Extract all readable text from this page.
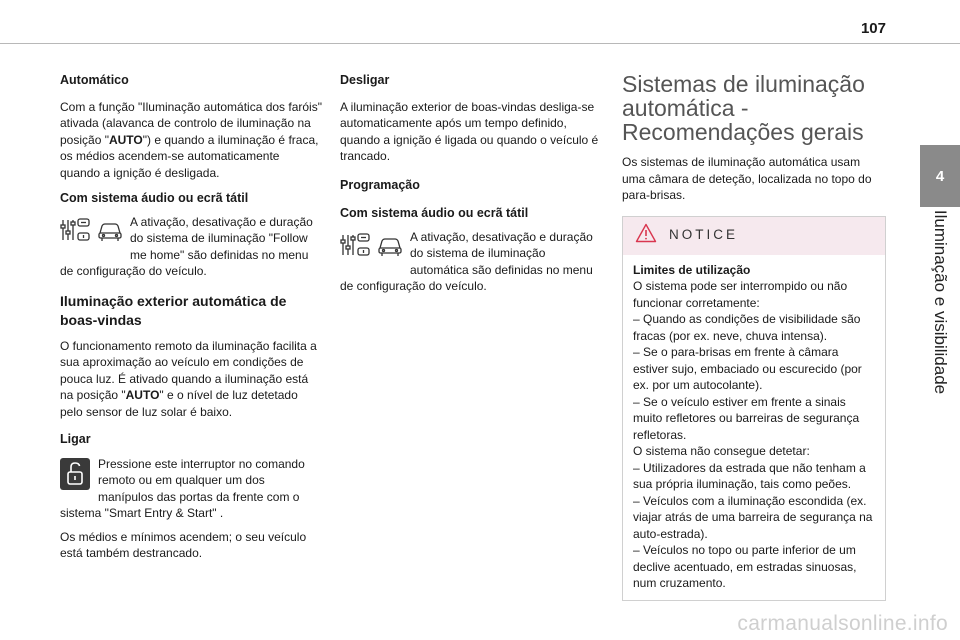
107
4
Iluminação e visibilidade
Automático

Com a função "Iluminação automática dos faróis" ativada (alavanca de controlo de iluminação na posição "AUTO") e quando a iluminação é fraca, os médios acendem-se automaticamente quando a ignição é desligada.

Com sistema áudio ou ecrã tátil
A ativação, desativação e duração do sistema de iluminação "Follow me home" são definidas no menu de configuração do veículo.
Iluminação exterior automática de boas-vindas

O funcionamento remoto da iluminação facilita a sua aproximação ao veículo em condições de pouca luz. É ativado quando a iluminação está na posição "AUTO" e o nível de luz detetado pelo sensor de luz solar é baixo.

Ligar
Pressione este interruptor no comando remoto ou em qualquer um dos manípulos das portas da frente com o sistema "Smart Entry & Start" .

Os médios e mínimos acendem; o seu veículo está também destrancado.

Desligar

A iluminação exterior de boas-vindas desliga-se automaticamente após um tempo definido, quando a ignição é ligada ou quando o veículo é trancado.

Programação
Com sistema áudio ou ecrã tátil
A ativação, desativação e duração do sistema de iluminação automática são definidas no menu de configuração do veículo.
Sistemas de iluminação automática - Recomendações gerais

Os sistemas de iluminação automática usam uma câmara de deteção, localizada no topo do para-brisas.

NOTICE
Limites de utilização
O sistema pode ser interrompido ou não funcionar corretamente:
– Quando as condições de visibilidade são fracas (por ex. neve, chuva intensa).
– Se o para-brisas em frente à câmara estiver sujo, embaciado ou escurecido (por ex. por um autocolante).
– Se o veículo estiver em frente a sinais muito refletores ou barreiras de segurança refletoras.
O sistema não consegue detetar:
– Utilizadores da estrada que não tenham a sua própria iluminação, tais como peões.
– Veículos com a iluminação escondida (ex. viajar atrás de uma barreira de segurança na auto-estrada).
– Veículos no topo ou parte inferior de um declive acentuado, em estradas sinuosas, num cruzamento.
carmanualsonline.info
